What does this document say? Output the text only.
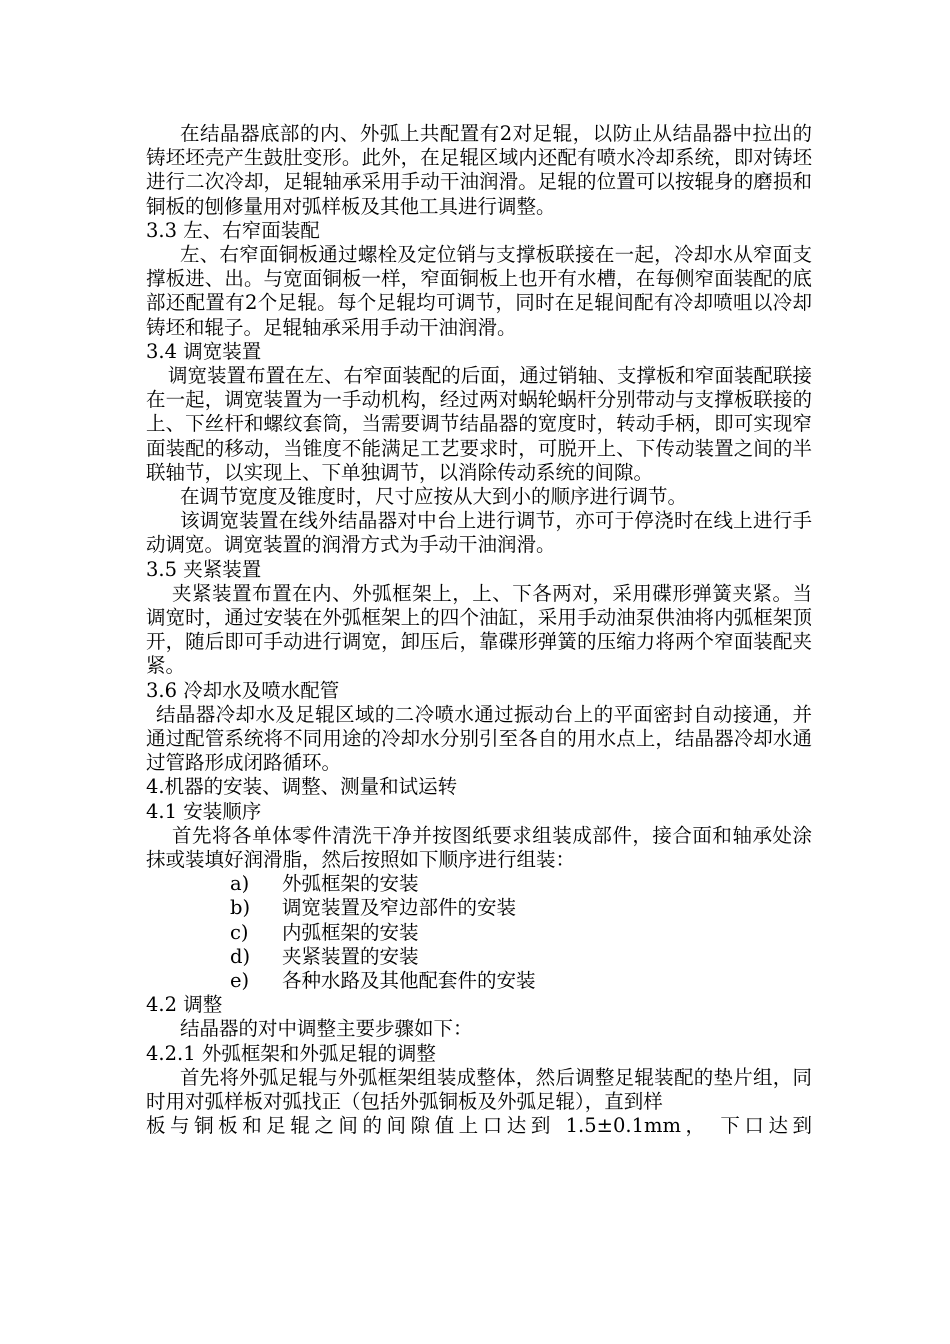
在结晶器底部的内、外弧上共配置有2对足辊，以防止从结晶器中拉出的铸坯坯壳产生鼓肚变形。此外，在足辊区域内还配有喷水冷却系统，即对铸坯进行二次冷却，足辊轴承采用手动干油润滑。足辊的位置可以按辊身的磨损和铜板的刨修量用对弧样板及其他工具进行调整。

3.3 左、右窄面装配

左、右窄面铜板通过螺栓及定位销与支撑板联接在一起，冷却水从窄面支撑板进、出。与宽面铜板一样，窄面铜板上也开有水槽，在每侧窄面装配的底部还配置有2个足辊。每个足辊均可调节，同时在足辊间配有冷却喷咀以冷却铸坯和辊子。足辊轴承采用手动干油润滑。

3.4 调宽装置

调宽装置布置在左、右窄面装配的后面，通过销轴、支撑板和窄面装配联接在一起，调宽装置为一手动机构，经过两对蜗轮蜗杆分别带动与支撑板联接的上、下丝杆和螺纹套筒，当需要调节结晶器的宽度时，转动手柄，即可实现窄面装配的移动，当锥度不能满足工艺要求时，可脱开上、下传动装置之间的半联轴节，以实现上、下单独调节，以消除传动系统的间隙。

在调节宽度及锥度时，尺寸应按从大到小的顺序进行调节。

该调宽装置在线外结晶器对中台上进行调节，亦可于停浇时在线上进行手动调宽。调宽装置的润滑方式为手动干油润滑。

3.5 夹紧装置

夹紧装置布置在内、外弧框架上，上、下各两对，采用碟形弹簧夹紧。当调宽时，通过安装在外弧框架上的四个油缸，采用手动油泵供油将内弧框架顶开，随后即可手动进行调宽，卸压后，靠碟形弹簧的压缩力将两个窄面装配夹紧。

3.6 冷却水及喷水配管

结晶器冷却水及足辊区域的二冷喷水通过振动台上的平面密封自动接通，并通过配管系统将不同用途的冷却水分别引至各自的用水点上，结晶器冷却水通过管路形成闭路循环。

4.机器的安装、调整、测量和试运转

4.1 安装顺序

首先将各单体零件清洗干净并按图纸要求组装成部件，接合面和轴承处涂抹或装填好润滑脂，然后按照如下顺序进行组装：

a)	外弧框架的安装
b)	调宽装置及窄边部件的安装
c)	内弧框架的安装
d)	夹紧装置的安装
e)	各种水路及其他配套件的安装

4.2 调整

结晶器的对中调整主要步骤如下：

4.2.1 外弧框架和外弧足辊的调整

首先将外弧足辊与外弧框架组装成整体，然后调整足辊装配的垫片组，同时用对弧样板对弧找正（包括外弧铜板及外弧足辊），直到样

板与铜板和足辊之间的间隙值上口达到 1.5±0.1mm， 下口达到
